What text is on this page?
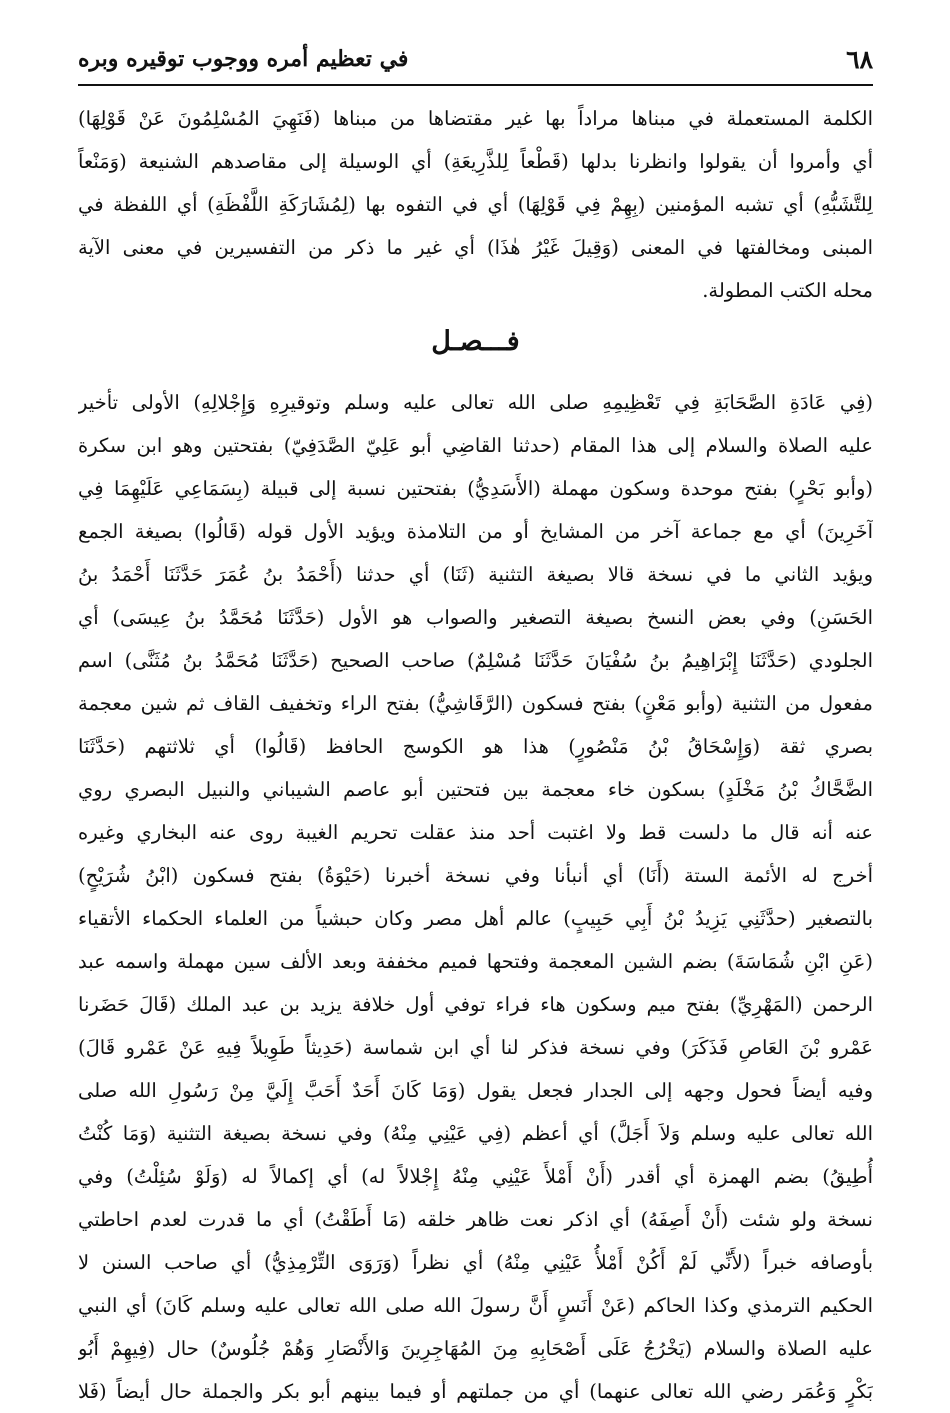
٦٨
في تعظيم أمره ووجوب توقيره وبره
الكلمة المستعملة في مبناها مراداً بها غير مقتضاها من مبناها (فَنَهِيَ المُسْلِمُونَ عَنْ قَوْلِهَا)
أي وأمروا أن يقولوا وانظرنا بدلها (قَطْعاً لِلذَّرِيعَةِ) أي الوسيلة إلى مقاصدهم الشنيعة (وَمَنْعاً
لِلتَّشَبُّهِ) أي تشبه المؤمنين (بِهِمْ فِي قَوْلِهَا) أي في التفوه بها (لِمُشَارَكَةِ اللَّفْظَةِ) أي اللفظة في
المبنى ومخالفتها في المعنى (وَقِيلَ غَيْرُ هٰذَا) أي غير ما ذكر من التفسيرين في معنى الآية
محله الكتب المطولة.
فـــصـل
(فِي عَادَةِ الصَّحَابَةِ فِي تَعْظِيمِهِ صلى الله تعالى عليه وسلم وتوقيرِهِ وَإِجْلالِهِ) الأولى تأخير
عليه الصلاة والسلام إلى هذا المقام (حدثنا القاضِي أبو عَلِيّ الصَّدَفِيّ) بفتحتين وهو ابن سكرة
(وأبو بَحْرٍ) بفتح موحدة وسكون مهملة (الأَسَدِيُّ) بفتحتين نسبة إلى قبيلة (بِسَمَاعِي عَلَيْهِمَا فِي
آخَرِينَ) أي مع جماعة آخر من المشايخ أو من التلامذة ويؤيد الأول قوله (قَالُوا) بصيغة الجمع
ويؤيد الثاني ما في نسخة قالا بصيغة التثنية (ثَنَا) أي حدثنا (أَحْمَدُ بنُ عُمَرَ حَدَّثَنَا أَحْمَدُ بنُ
الحَسَنِ) وفي بعض النسخ بصيغة التصغير والصواب هو الأول (حَدَّثَنَا مُحَمَّدُ بنُ عِيسَى) أي
الجلودي (حَدَّثَنَا إِبْرَاهِيمُ بنُ سُفْيَانَ حَدَّثَنَا مُسْلِمٌ) صاحب الصحيح (حَدَّثَنَا مُحَمَّدُ بنُ مُثَنَّى) اسم
مفعول من التثنية (وأبو مَعْنٍ) بفتح فسكون (الرَّقَاشِيُّ) بفتح الراء وتخفيف القاف ثم شين معجمة
بصري ثقة (وَإِسْحَاقُ بْنُ مَنْصُورٍ) هذا هو الكوسج الحافظ (قَالُوا) أي ثلاثتهم (حَدَّثَنَا
الضَّحَّاكُ بْنُ مَخْلَدٍ) بسكون خاء معجمة بين فتحتين أبو عاصم الشيباني والنبيل البصري روي
عنه أنه قال ما دلست قط ولا اغتبت أحد منذ عقلت تحريم الغيبة روى عنه البخاري وغيره
أخرج له الأئمة الستة (أَنَا) أي أنبأنا وفي نسخة أخبرنا (حَيْوَةُ) بفتح فسكون (ابْنُ شُرَيْحٍ)
بالتصغير (حدَّثَنِي يَزِيدُ بْنُ أَبِي حَبِيبٍ) عالم أهل مصر وكان حبشياً من العلماء الحكماء الأتقياء
(عَنِ ابْنِ شُمَاسَةَ) بضم الشين المعجمة وفتحها فميم مخففة وبعد الألف سين مهملة واسمه عبد
الرحمن (المَهْرِيِّ) بفتح ميم وسكون هاء فراء توفي أول خلافة يزيد بن عبد الملك (قَالَ حَضَرنا
عَمْرو بْنَ العَاصِ فَذَكَرَ) وفي نسخة فذكر لنا أي ابن شماسة (حَدِيثاً طَوِيلاً فِيهِ عَنْ عَمْرو قَالَ)
وفيه أيضاً فحول وجهه إلى الجدار فجعل يقول (وَمَا كَانَ أَحَدٌ أَحَبَّ إِلَيَّ مِنْ رَسُولِ الله صلى
الله تعالى عليه وسلم وَلاَ أَجَلَّ) أي أعظم (فِي عَيْنِي مِنْهُ) وفي نسخة بصيغة التثنية (وَمَا كُنْتُ
أُطِيقُ) بضم الهمزة أي أقدر (أَنْ أَمْلأَ عَيْنِي مِنْهُ إِجْلالاً له) أي إكمالاً له (وَلَوْ سُئِلْتُ) وفي
نسخة ولو شئت (أَنْ أَصِفَهُ) أي اذكر نعت ظاهر خلقه (مَا أَطَقْتُ) أي ما قدرت لعدم احاطتي
بأوصافه خبراً (لأَنِّي لَمْ أَكُنْ أَمْلأُ عَيْنِي مِنْهُ) أي نظراً (وَرَوَى التِّرْمِذِيُّ) أي صاحب السنن لا
الحكيم الترمذي وكذا الحاكم (عَنْ أَنَسٍ أَنَّ رسولَ الله صلى الله تعالى عليه وسلم كَانَ) أي النبي
عليه الصلاة والسلام (يَخْرُجُ عَلَى أَصْحَابِهِ مِنَ المُهَاجِرِينَ وَالأَنْصَارِ وَهُمْ جُلُوسٌ) حال (فِيهِمْ أَبُو
بَكْرٍ وَعُمَر رضي الله تعالى عنهما) أي من جملتهم أو فيما بينهم أبو بكر والجملة حال أيضاً (فَلا
